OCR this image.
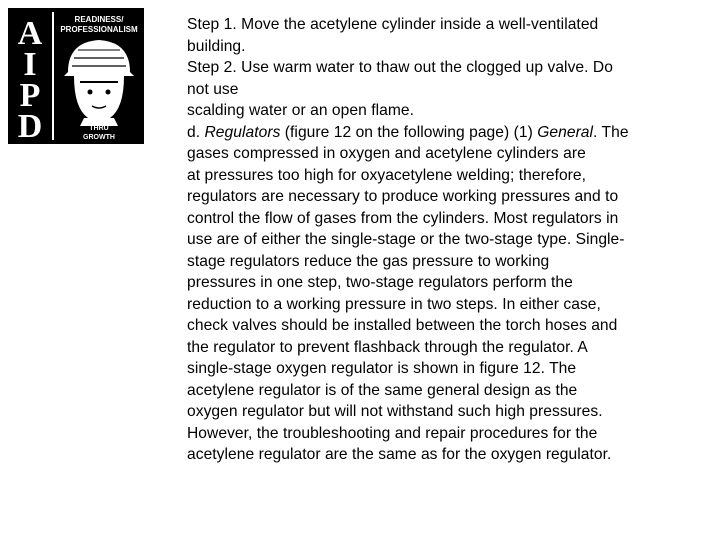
A
I
P
D
READINESS/
PROFESSIONALISM
THRU
GROWTH
Step 1. Move the acetylene cylinder inside a well-ventilated
building.
Step 2. Use warm water to thaw out the clogged up valve. Do
not use
scalding water or an open flame.
d. Regulators (figure 12 on the following page) (1) General. The
gases compressed in oxygen and acetylene cylinders are
at pressures too high for oxyacetylene welding; therefore,
regulators are necessary to produce working pressures and to
control the flow of gases from the cylinders. Most regulators in
use are of either the single-stage or the two-stage type. Single-
stage regulators reduce the gas pressure to working
pressures in one step, two-stage regulators perform the
reduction to a working pressure in two steps. In either case,
check valves should be installed between the torch hoses and
the regulator to prevent flashback through the regulator. A
single-stage oxygen regulator is shown in figure 12. The
acetylene regulator is of the same general design as the
oxygen regulator but will not withstand such high pressures.
However, the troubleshooting and repair procedures for the
acetylene regulator are the same as for the oxygen regulator.
